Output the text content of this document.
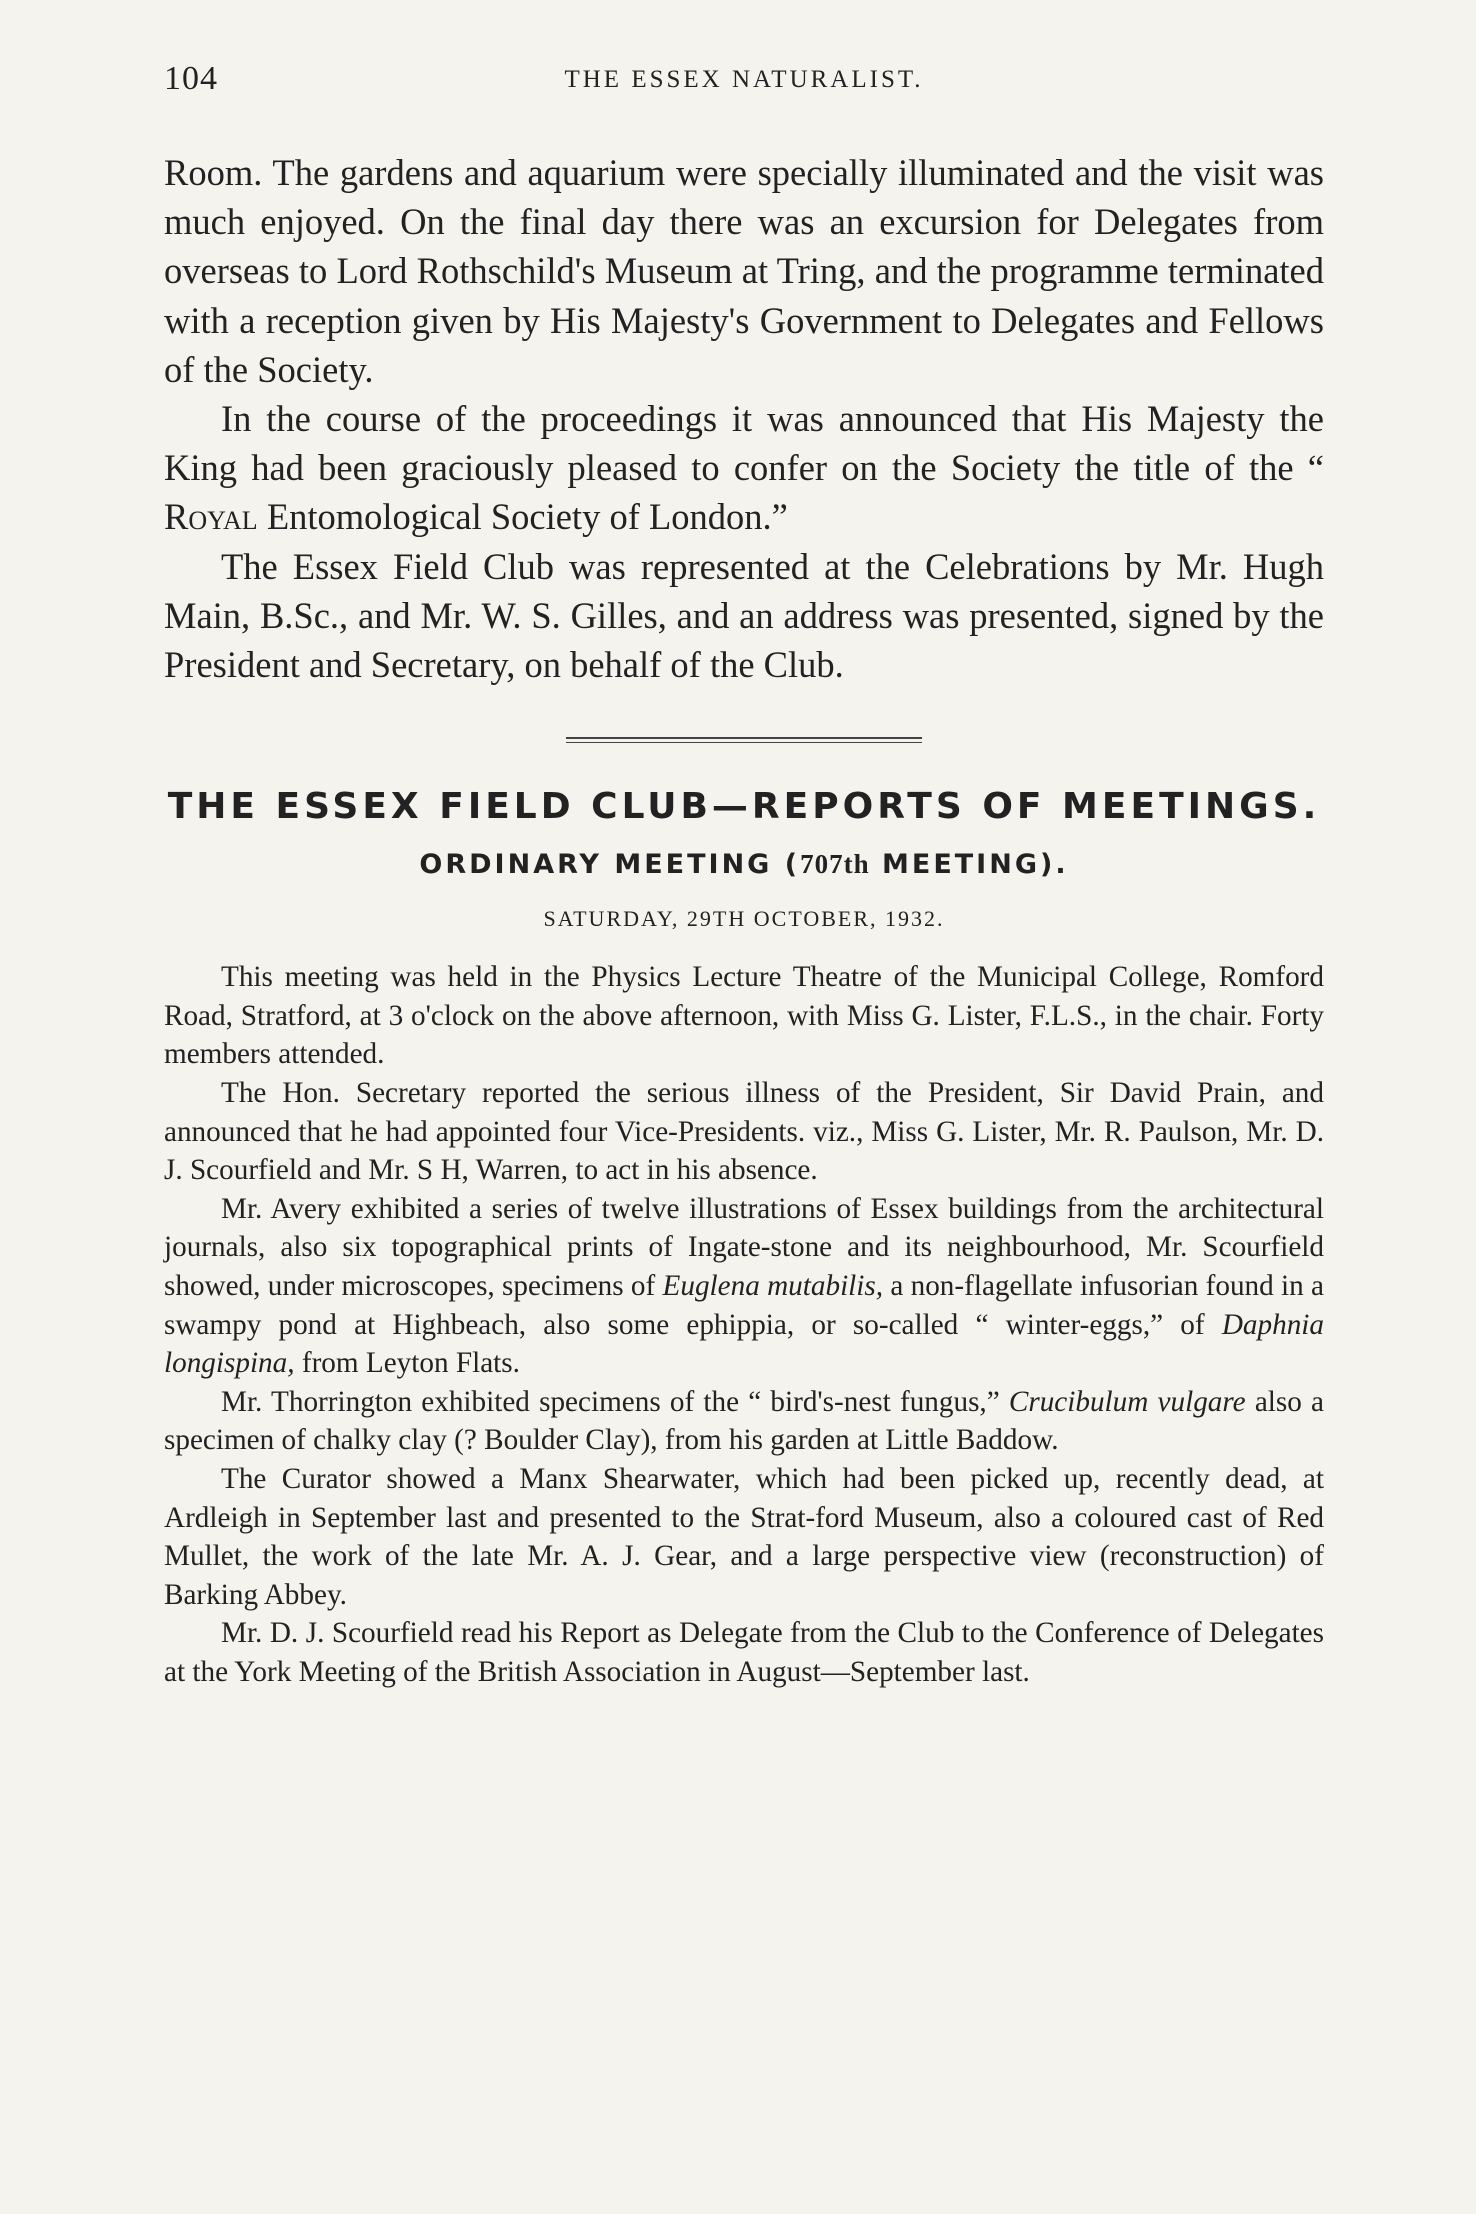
104	THE ESSEX NATURALIST.

Room. The gardens and aquarium were specially illuminated and the visit was much enjoyed. On the final day there was an excursion for Delegates from overseas to Lord Rothschild's Museum at Tring, and the programme terminated with a reception given by His Majesty's Government to Delegates and Fellows of the Society.

In the course of the proceedings it was announced that His Majesty the King had been graciously pleased to confer on the Society the title of the “ Royal Entomological Society of London.”

The Essex Field Club was represented at the Celebrations by Mr. Hugh Main, B.Sc., and Mr. W. S. Gilles, and an address was presented, signed by the President and Secretary, on behalf of the Club.

THE ESSEX FIELD CLUB—REPORTS OF MEETINGS.
ORDINARY MEETING (707th MEETING).
SATURDAY, 29TH OCTOBER, 1932.

This meeting was held in the Physics Lecture Theatre of the Municipal College, Romford Road, Stratford, at 3 o'clock on the above afternoon, with Miss G. Lister, F.L.S., in the chair. Forty members attended.

The Hon. Secretary reported the serious illness of the President, Sir David Prain, and announced that he had appointed four Vice-Presidents. viz., Miss G. Lister, Mr. R. Paulson, Mr. D. J. Scourfield and Mr. S H, Warren, to act in his absence.

Mr. Avery exhibited a series of twelve illustrations of Essex buildings from the architectural journals, also six topographical prints of Ingate-stone and its neighbourhood, Mr. Scourfield showed, under microscopes, specimens of Euglena mutabilis, a non-flagellate infusorian found in a swampy pond at Highbeach, also some ephippia, or so-called “ winter-eggs,” of Daphnia longispina, from Leyton Flats.

Mr. Thorrington exhibited specimens of the “ bird's-nest fungus,” Crucibulum vulgare also a specimen of chalky clay (? Boulder Clay), from his garden at Little Baddow.

The Curator showed a Manx Shearwater, which had been picked up, recently dead, at Ardleigh in September last and presented to the Strat-ford Museum, also a coloured cast of Red Mullet, the work of the late Mr. A. J. Gear, and a large perspective view (reconstruction) of Barking Abbey.

Mr. D. J. Scourfield read his Report as Delegate from the Club to the Conference of Delegates at the York Meeting of the British Association in August—September last.
